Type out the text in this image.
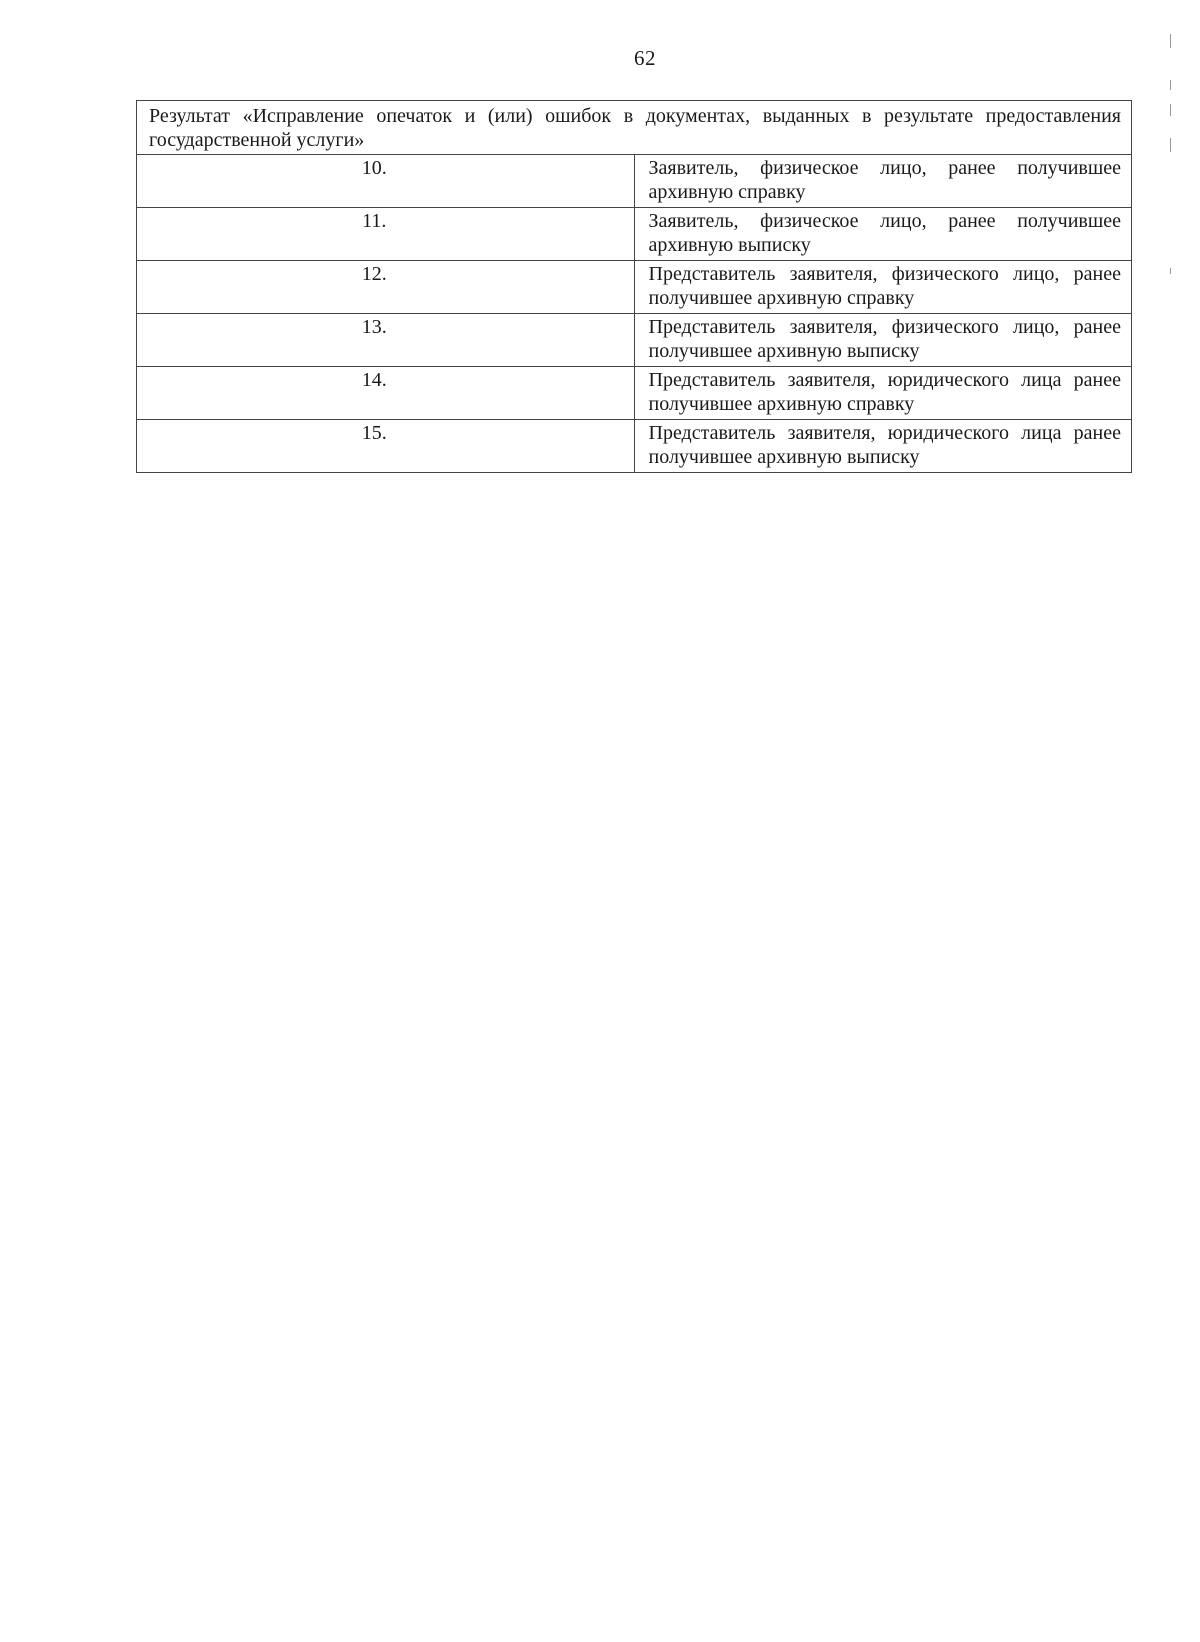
62
Результат «Исправление опечаток и (или) ошибок в документах, выданных в результате предоставления государственной услуги»	
10.	Заявитель, физическое лицо, ранее получившее архивную справку
11.	Заявитель, физическое лицо, ранее получившее архивную выписку
12.	Представитель заявителя, физического лицо, ранее получившее архивную справку
13.	Представитель заявителя, физического лицо, ранее получившее архивную выписку
14.	Представитель заявителя, юридического лица ранее получившее архивную справку
15.	Представитель заявителя, юридического лица ранее получившее архивную выписку
